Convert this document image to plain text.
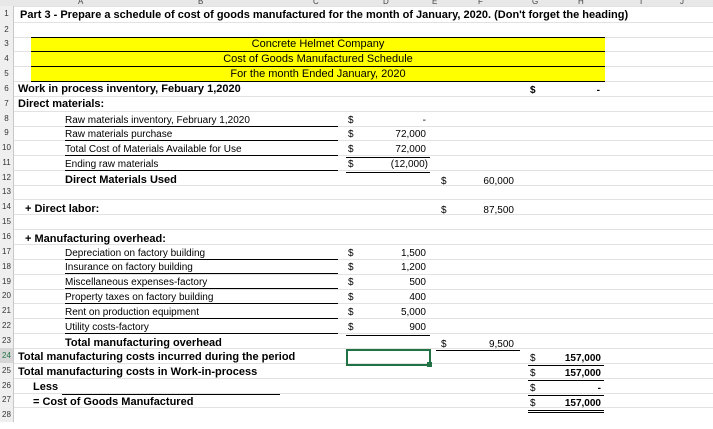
A	B	C	D	E	F	G	H	I	J
1
2
3
4
5
6
7
8
9
10
11
12
13
14
15
16
17
18
19
20
21
22
23
24
25
26
27
28
Part 3 - Prepare a schedule of cost of goods manufactured for the month of January, 2020. (Don't forget the heading)
Concrete Helmet Company
Cost of Goods Manufactured Schedule
For the month Ended January, 2020
Work in process inventory, Febuary 1,2020	$	-
Direct materials:
Raw materials inventory, February 1,2020	$	-
Raw materials purchase	$	72,000
Total Cost of Materials Available for Use	$	72,000
Ending raw materials	$	(12,000)
Direct Materials Used	$	60,000
+ Direct labor:	$	87,500
+ Manufacturing overhead:
Depreciation on factory building	$	1,500
Insurance on factory building	$	1,200
Miscellaneous expenses-factory	$	500
Property taxes on factory building	$	400
Rent on production equipment	$	5,000
Utility costs-factory	$	900
Total manufacturing overhead	$	9,500
Total manufacturing costs incurred during the period	$	157,000
Total manufacturing costs in Work-in-process	$	157,000
Less	$	-
= Cost of Goods Manufactured	$	157,000
